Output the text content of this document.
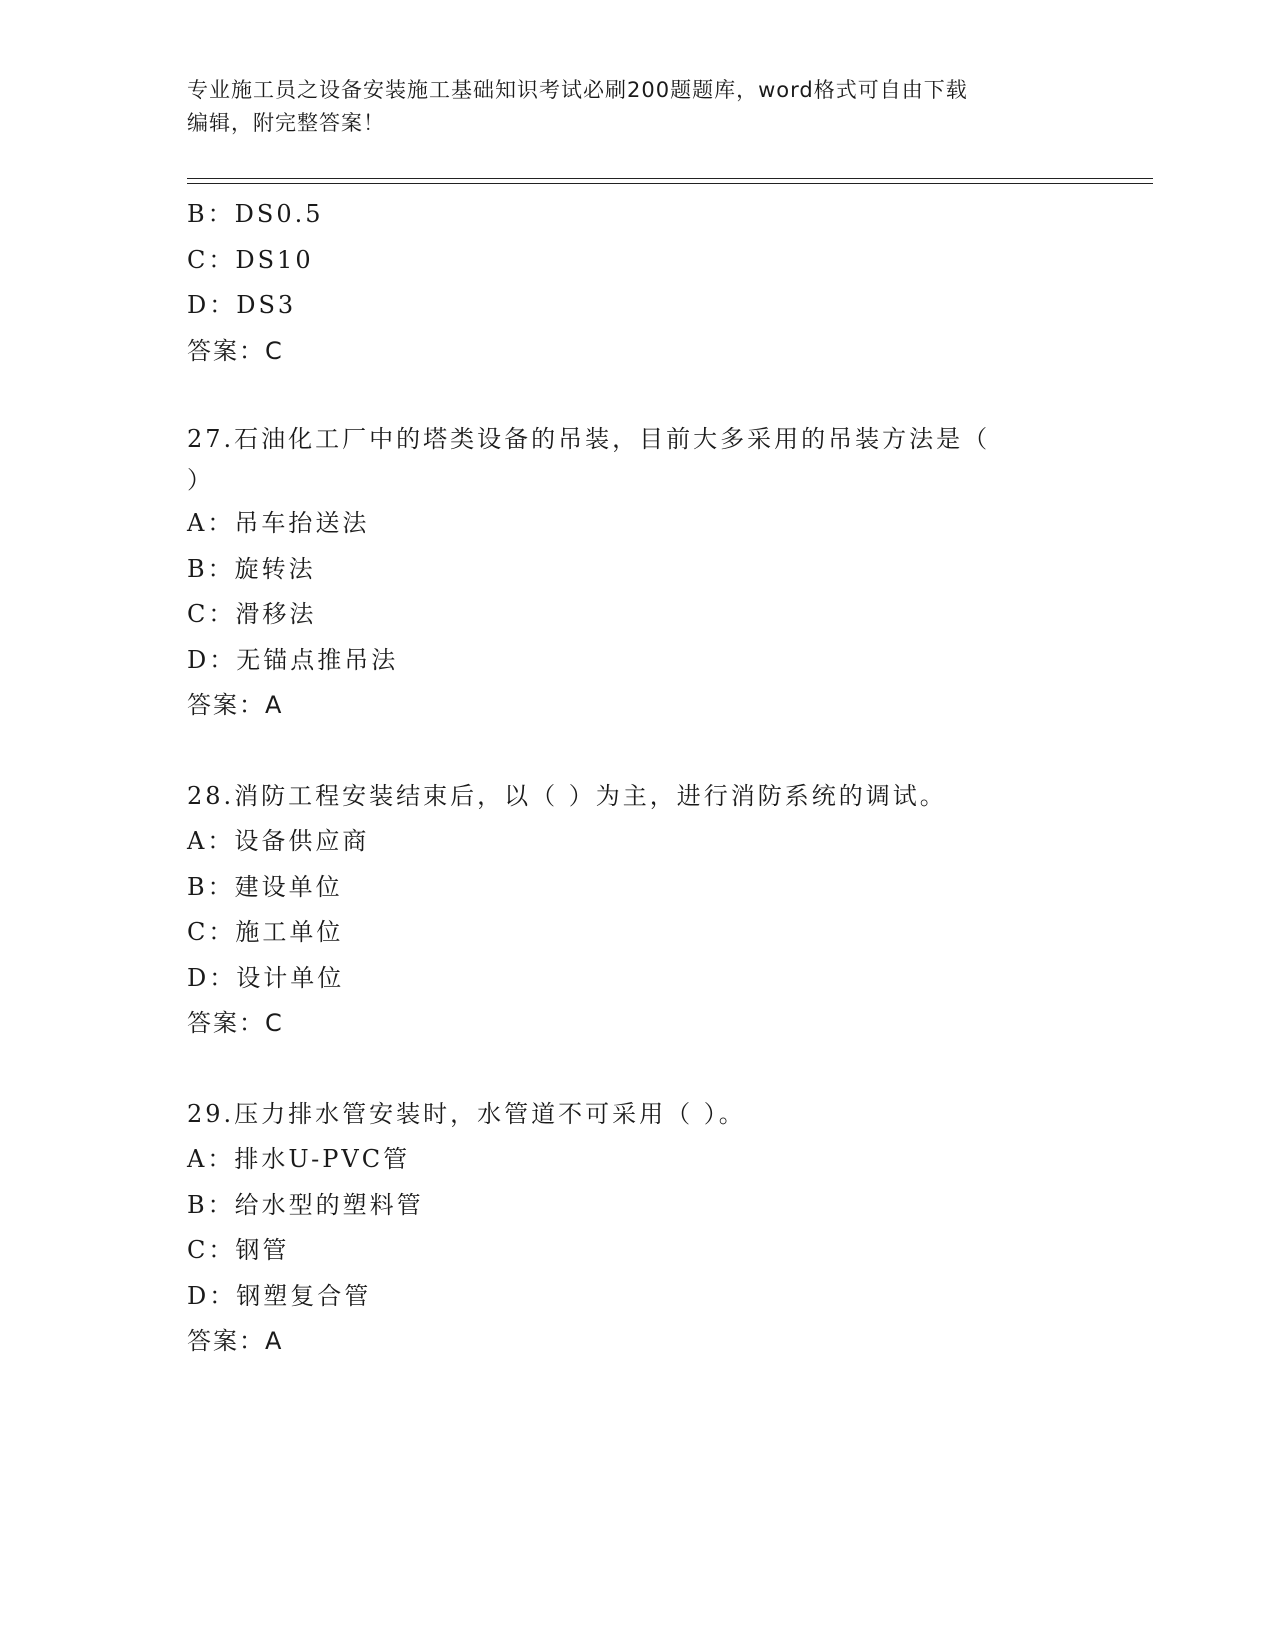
专业施工员之设备安装施工基础知识考试必刷200题题库，word格式可自由下载
编辑，附完整答案！
B：DS0.5
C：DS10
D：DS3
答案：C
27.石油化工厂中的塔类设备的吊装，目前大多采用的吊装方法是（
）
A：吊车抬送法
B：旋转法
C：滑移法
D：无锚点推吊法
答案：A
28.消防工程安装结束后，以（ ）为主，进行消防系统的调试。
A：设备供应商
B：建设单位
C：施工单位
D：设计单位
答案：C
29.压力排水管安装时，水管道不可采用（ ）。
A：排水U-PVC管
B：给水型的塑料管
C：钢管
D：钢塑复合管
答案：A
